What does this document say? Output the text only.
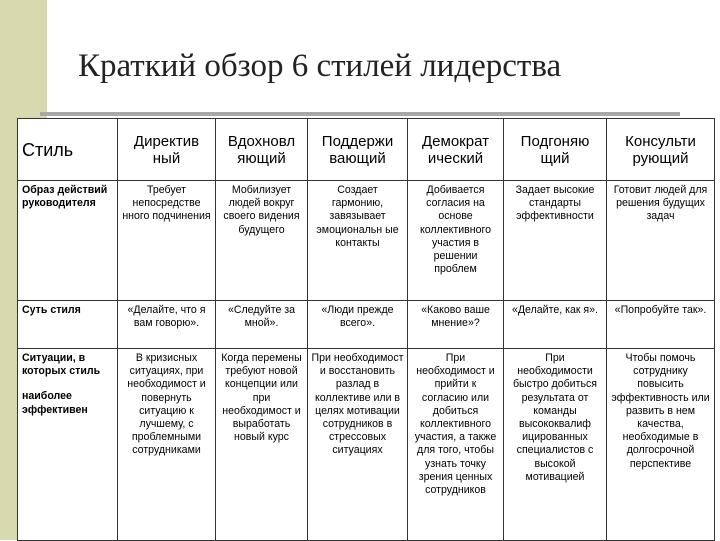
Краткий обзор 6 стилей лидерства
Стиль	Директив ный	Вдохновл яющий	Поддержи вающий	Демократ ический	Подгоняю щий	Консульти рующий
Образ действий руководителя	Требует непосредстве нного подчинения	Мобилизует людей вокруг своего видения будущего	Создает гармонию, завязывает эмоциональн ые контакты	Добивается согласия на основе коллективного участия в решении проблем	Задает высокие стандарты эффективности	Готовит людей для решения будущих задач
Суть стиля	«Делайте, что я вам говорю».	«Следуйте за мной».	«Люди прежде всего».	«Каково ваше мнение»?	«Делайте, как я».	«Попробуйте так».
Ситуации, в которых стиль
наиболее эффективен	В кризисных ситуациях, при необходимост и повернуть ситуацию к лучшему, с проблемными сотрудниками	Когда перемены требуют новой концепции или при необходимост и выработать новый курс	При необходимост и восстановить разлад в коллективе или в целях мотивации сотрудников в стрессовых ситуациях	При необходимост и прийти к согласию или добиться коллективного участия, а также для того, чтобы узнать точку зрения ценных сотрудников	При необходимости быстро добиться результата от команды высококвалиф ицированных специалистов с высокой мотивацией	Чтобы помочь сотруднику повысить эффективность или развить в нем качества, необходимые в долгосрочной перспективе
